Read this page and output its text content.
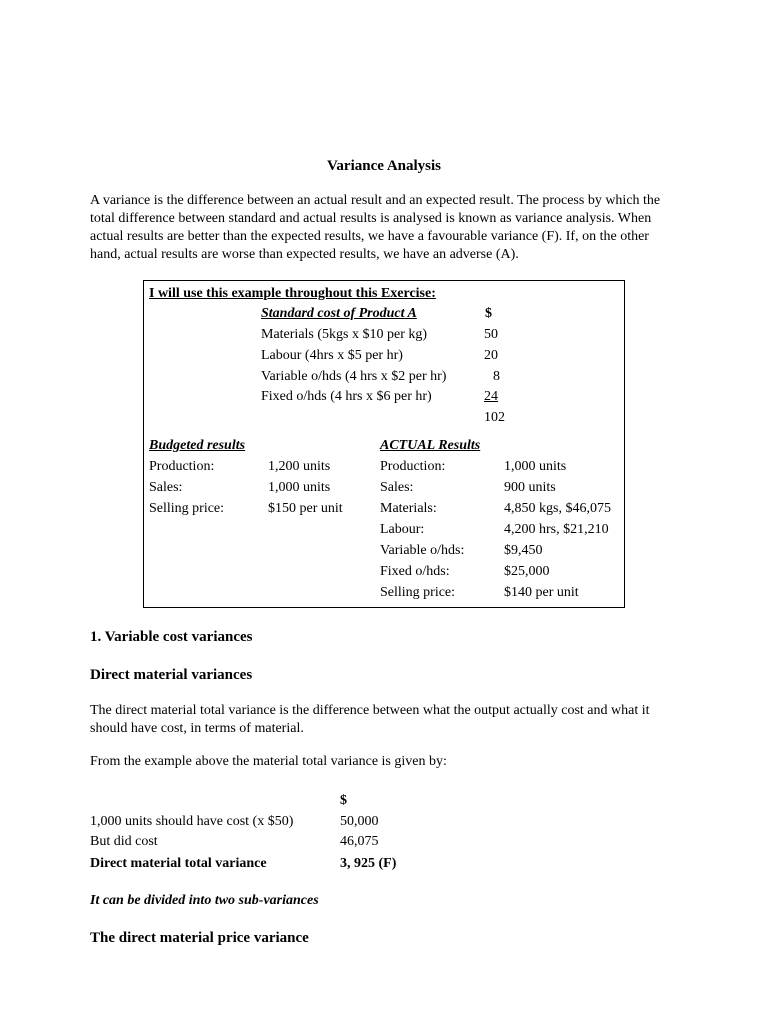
Variance Analysis
A variance is the difference between an actual result and an expected result. The process by which the total difference between standard and actual results is analysed is known as variance analysis. When actual results are better than the expected results, we have a favourable variance (F). If, on the other hand, actual results are worse than expected results, we have an adverse (A).
I will use this example throughout this Exercise:
Standard cost of Product A	$
Materials (5kgs x $10 per kg)	50
Labour (4hrs x $5 per hr)	20
Variable o/hds (4 hrs x $2 per hr)	8
Fixed o/hds (4 hrs x $6 per hr)	24
102
Budgeted results
Production:	1,200 units
Sales:	1,000 units
Selling price:	$150 per unit
ACTUAL Results
Production:	1,000 units
Sales:	900 units
Materials:	4,850 kgs, $46,075
Labour:	4,200 hrs, $21,210
Variable o/hds:	$9,450
Fixed o/hds:	$25,000
Selling price:	$140 per unit
1. Variable cost variances
Direct material variances
The direct material total variance is the difference between what the output actually cost and what it should have cost, in terms of material.
From the example above the material total variance is given by:
$
1,000 units should have cost (x $50)	50,000
But did cost	46,075
Direct material total variance	3, 925 (F)
It can be divided into two sub-variances
The direct material price variance
